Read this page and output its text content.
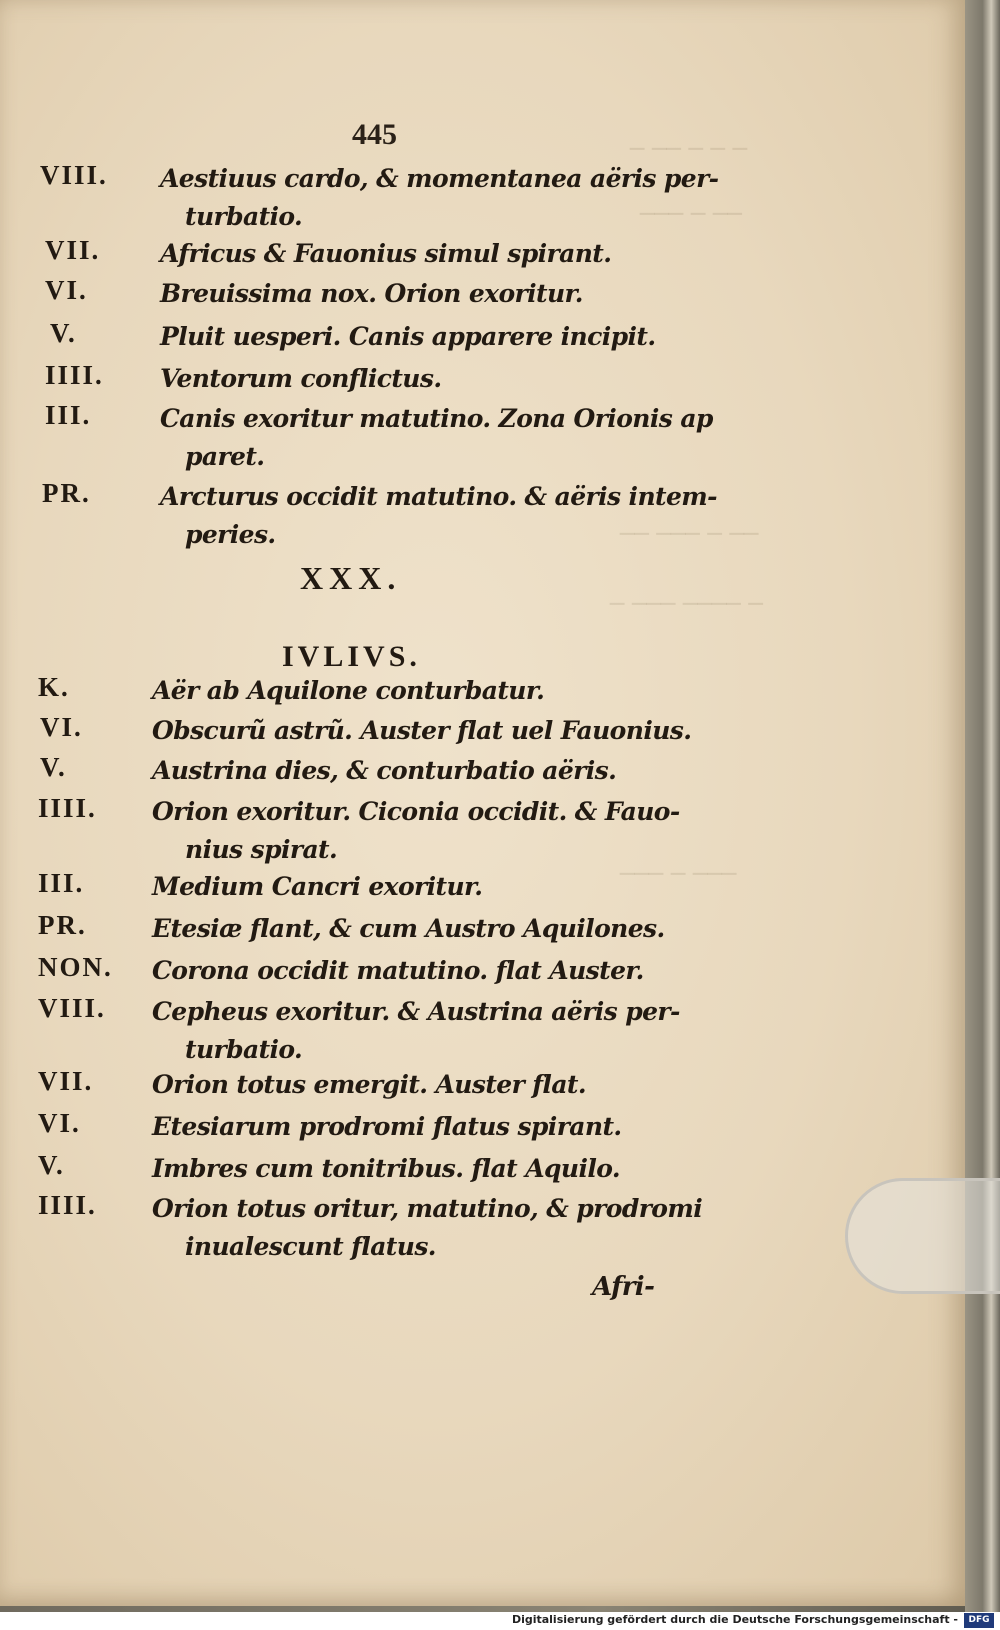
─ ── ─ ─ ─
─── ─ ──
── ─── ─ ──
─ ─── ──── ─
─── ─ ───
445
VIII. Aestiuus cardo, & momentanea aëris per-
turbatio.
VII. Africus & Fauonius simul spirant.
VI.	Breuissima nox. Orion exoritur.
V.	Pluit uesperi. Canis apparere incipit.
IIII. Ventorum conflictus.
III.	Canis exoritur matutino. Zona Orionis ap
paret.
PR.	Arcturus occidit matutino. & aëris intem-
peries.
K.	Aër ab Aquilone conturbatur.
VI.	Obscurũ astrũ. Auster flat uel Fauonius.
V.	Austrina dies, & conturbatio aëris.
IIII. Orion exoritur. Ciconia occidit. & Fauo-
nius spirat.
III.	Medium Cancri exoritur.
PR.	Etesiæ flant, & cum Austro Aquilones.
NON. Corona occidit matutino. flat Auster.
VIII. Cepheus exoritur. & Austrina aëris per-
turbatio.
VII. Orion totus emergit. Auster flat.
VI.	Etesiarum prodromi flatus spirant.
V.	Imbres cum tonitribus. flat Aquilo.
IIII. Orion totus oritur, matutino, & prodromi
inualescunt flatus.
XXX.
IVLIVS.
Afri-
Digitalisierung gefördert durch die Deutsche Forschungsgemeinschaft -	DFG
